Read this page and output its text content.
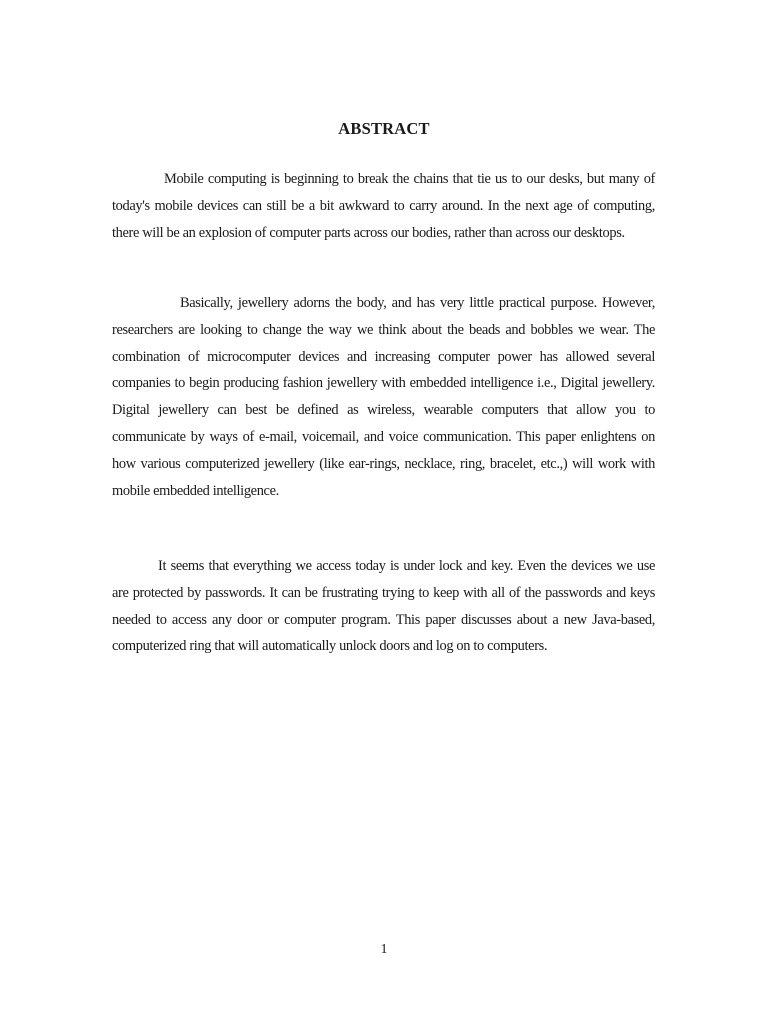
ABSTRACT

Mobile computing is beginning to break the chains that tie us to our desks, but many of today's mobile devices can still be a bit awkward to carry around. In the next age of computing, there will be an explosion of computer parts across our bodies, rather than across our desktops.

Basically, jewellery adorns the body, and has very little practical purpose. However, researchers are looking to change the way we think about the beads and bobbles we wear. The combination of microcomputer devices and increasing computer power has allowed several companies to begin producing fashion jewellery with embedded intelligence i.e., Digital jewellery. Digital jewellery can best be defined as wireless, wearable computers that allow you to communicate by ways of e-mail, voicemail, and voice communication. This paper enlightens on how various computerized jewellery (like ear-rings, necklace, ring, bracelet, etc.,) will work with mobile embedded intelligence.

It seems that everything we access today is under lock and key. Even the devices we use are protected by passwords. It can be frustrating trying to keep with all of the passwords and keys needed to access any door or computer program. This paper discusses about a new Java-based, computerized ring that will automatically unlock doors and log on to computers.

1
